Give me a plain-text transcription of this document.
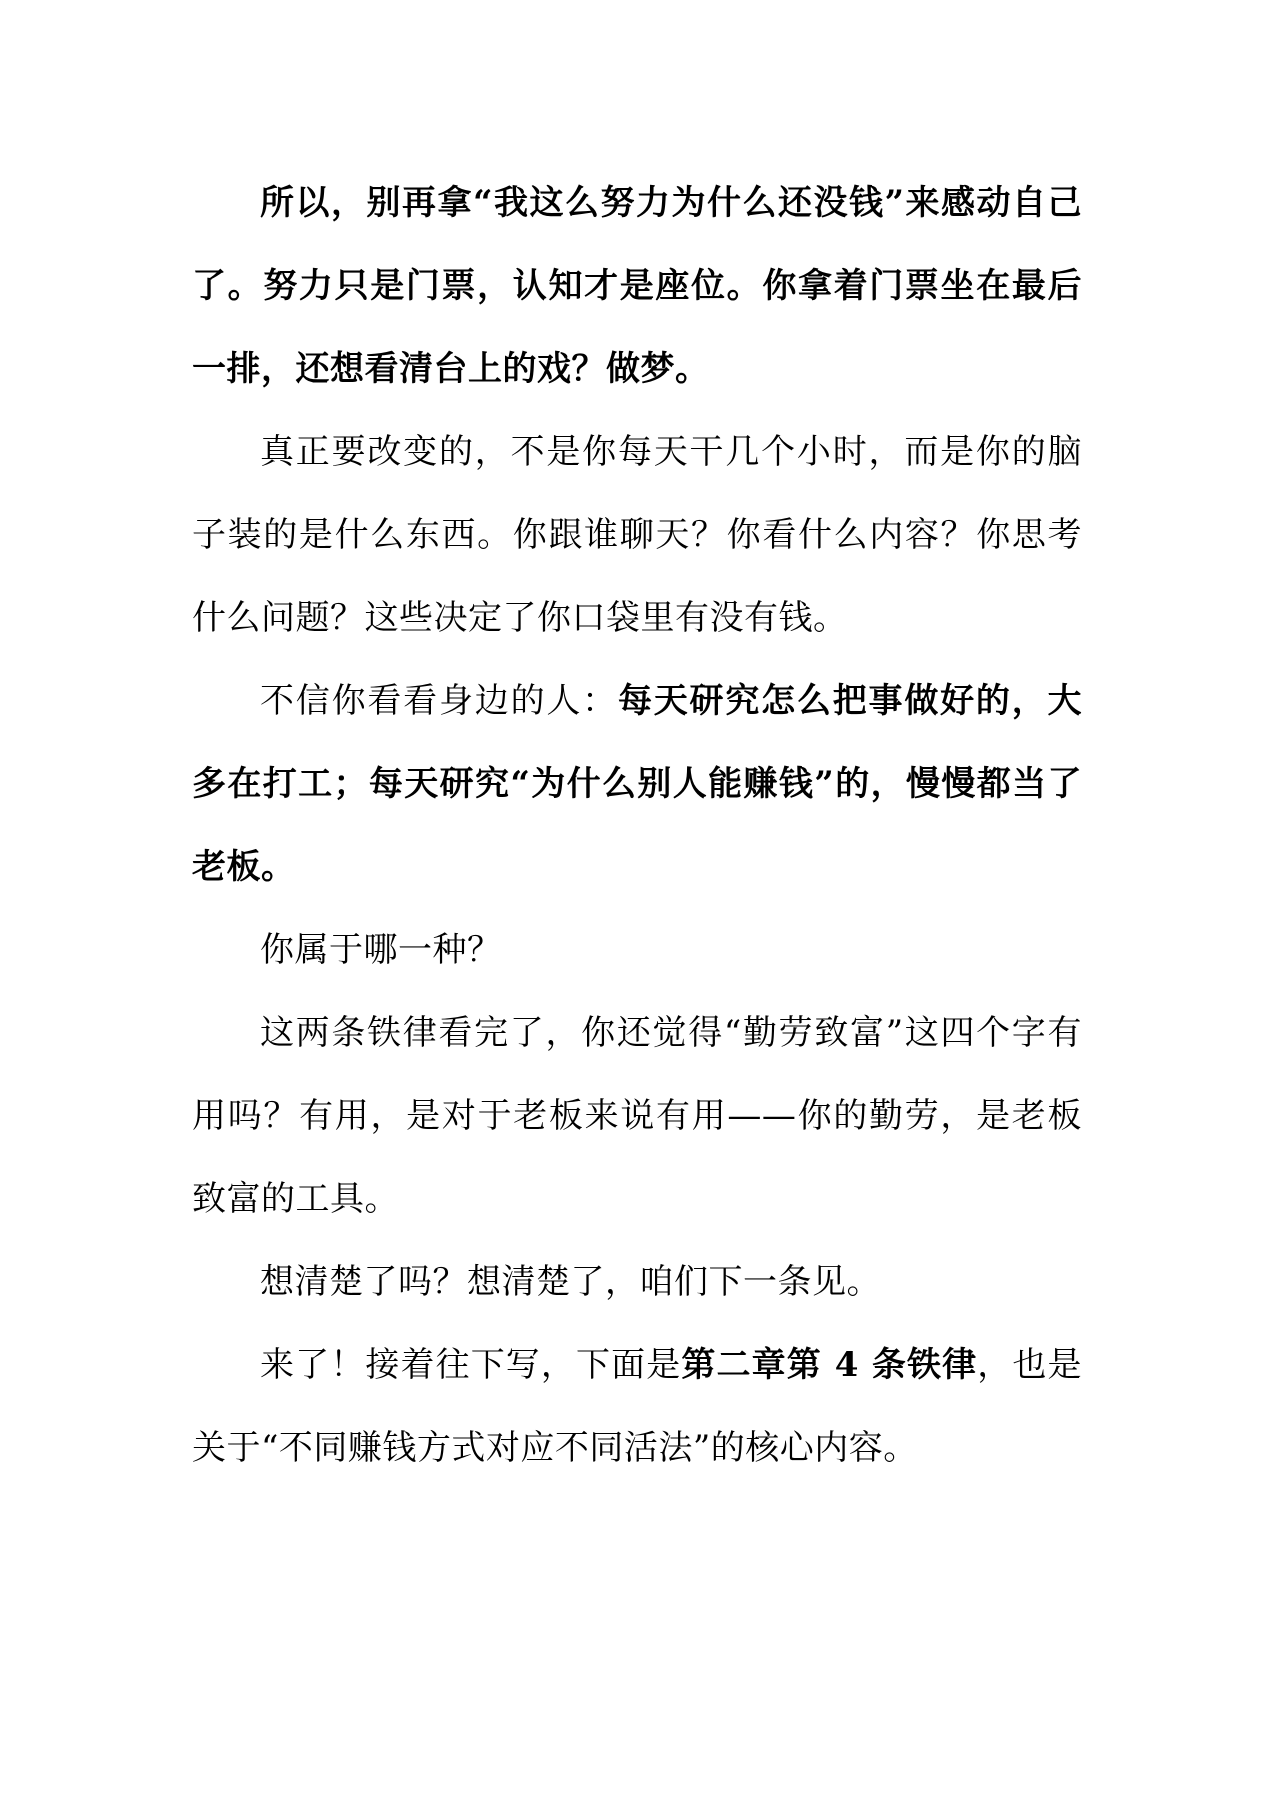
所以，别再拿“我这么努力为什么还没钱”来感动自己了。努力只是门票，认知才是座位。你拿着门票坐在最后一排，还想看清台上的戏？做梦。

真正要改变的，不是你每天干几个小时，而是你的脑子装的是什么东西。你跟谁聊天？你看什么内容？你思考什么问题？这些决定了你口袋里有没有钱。

不信你看看身边的人：每天研究怎么把事做好的，大多在打工；每天研究“为什么别人能赚钱”的，慢慢都当了老板。

你属于哪一种？

这两条铁律看完了，你还觉得“勤劳致富”这四个字有用吗？有用，是对于老板来说有用——你的勤劳，是老板致富的工具。

想清楚了吗？想清楚了，咱们下一条见。

来了！接着往下写，下面是第二章第 4 条铁律，也是关于“不同赚钱方式对应不同活法”的核心内容。
